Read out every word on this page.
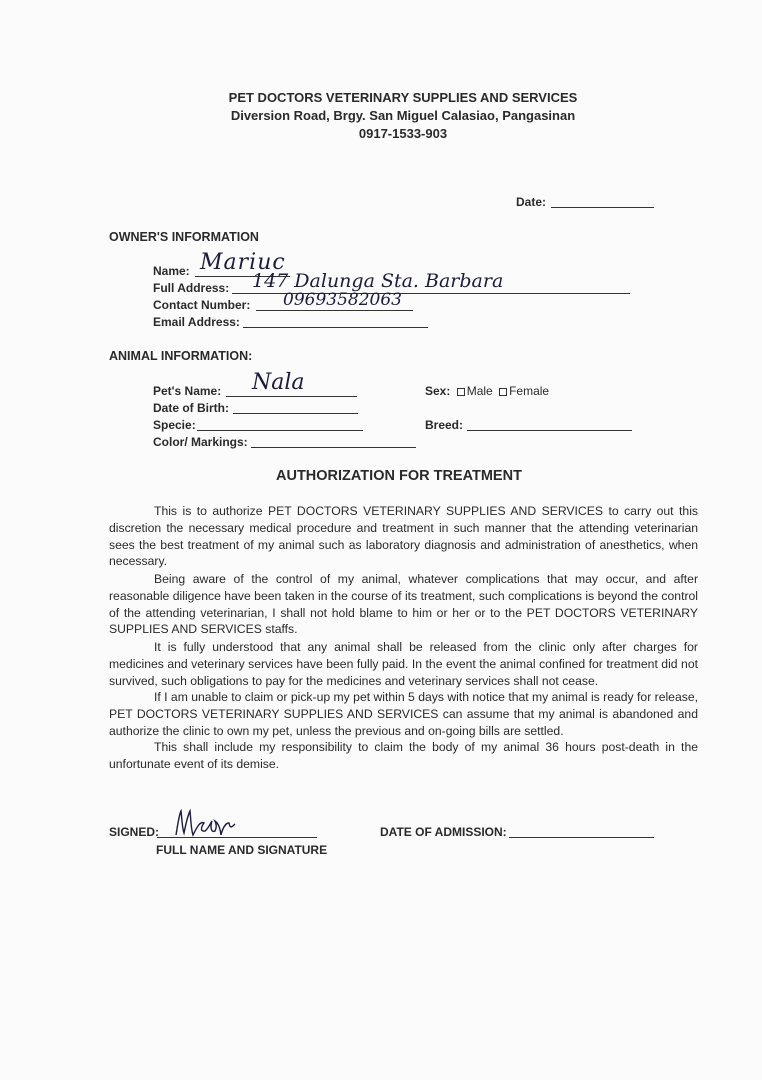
PET DOCTORS VETERINARY SUPPLIES AND SERVICES
Diversion Road, Brgy. San Miguel Calasiao, Pangasinan
0917-1533-903
Date:
OWNER'S INFORMATION
Name: Mariuc
Full Address: 147 Dalunga Sta. Barbara
Contact Number: 09693582063
Email Address:
ANIMAL INFORMATION:
Pet's Name: Nala
Date of Birth:
Specie:
Color/ Markings:
Sex: Male Female
Breed:
AUTHORIZATION FOR TREATMENT
This is to authorize PET DOCTORS VETERINARY SUPPLIES AND SERVICES to carry out this discretion the necessary medical procedure and treatment in such manner that the attending veterinarian sees the best treatment of my animal such as laboratory diagnosis and administration of anesthetics, when necessary.
Being aware of the control of my animal, whatever complications that may occur, and after reasonable diligence have been taken in the course of its treatment, such complications is beyond the control of the attending veterinarian, I shall not hold blame to him or her or to the PET DOCTORS VETERINARY SUPPLIES AND SERVICES staffs.
It is fully understood that any animal shall be released from the clinic only after charges for medicines and veterinary services have been fully paid. In the event the animal confined for treatment did not survived, such obligations to pay for the medicines and veterinary services shall not cease.
If I am unable to claim or pick-up my pet within 5 days with notice that my animal is ready for release, PET DOCTORS VETERINARY SUPPLIES AND SERVICES can assume that my animal is abandoned and authorize the clinic to own my pet, unless the previous and on-going bills are settled.
This shall include my responsibility to claim the body of my animal 36 hours post-death in the unfortunate event of its demise.
SIGNED:
FULL NAME AND SIGNATURE
DATE OF ADMISSION:
